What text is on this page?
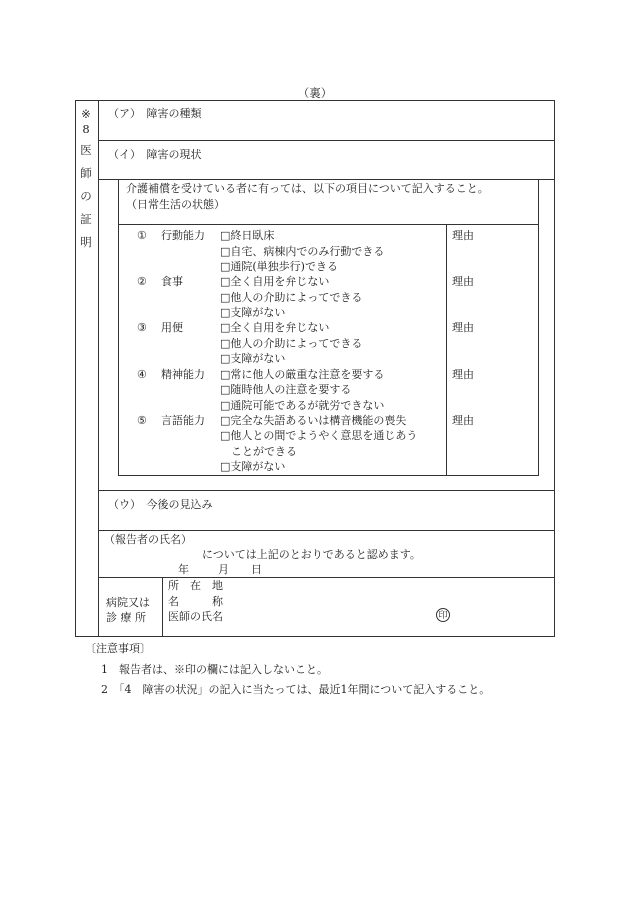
（裏）
※
8
医
師
の
証
明
（ア）　障害の種類
（イ）　障害の現状
介護補償を受けている者に有っては、以下の項目について記入すること。
（日常生活の状態）
① 行動能力 □終日臥床
□自宅、病棟内でのみ行動できる
□通院(単独歩行)できる
理由
② 食事	□全く自用を弁じない
□他人の介助によってできる
□支障がない
理由
③ 用便	□全く自用を弁じない
□他人の介助によってできる
□支障がない
理由
④ 精神能力 □常に他人の厳重な注意を要する
□随時他人の注意を要する
□通院可能であるが就労できない
理由
⑤ 言語能力 □完全な失語あるいは構音機能の喪失
□他人との間でようやく意思を通じあう
　ことができる
□支障がない
理由
（ウ）　今後の見込み
（報告者の氏名）
については上記のとおりであると認めます。
年	月 日
病院又は
診 療 所
所　在　地
名　　　称
医師の氏名	印
〔注意事項〕
1　報告者は、※印の欄には記入しないこと。
2　「4　障害の状況」の記入に当たっては、最近1年間について記入すること。
